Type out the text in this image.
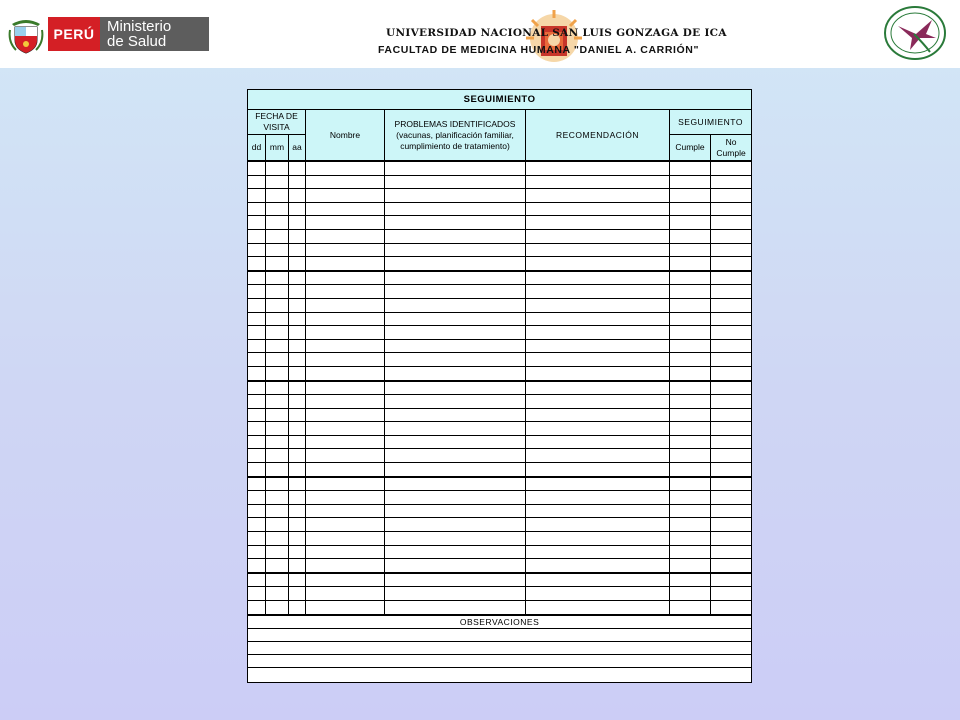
PERÚ Ministerio
de Salud	UNIVERSIDAD NACIONAL SAN LUIS GONZAGA DE ICA
FACULTAD DE MEDICINA HUMANA "DANIEL A. CARRIÓN"
SEGUIMIENTO							
FECHA DE VISITA			Nombre	PROBLEMAS IDENTIFICADOS (vacunas, planificación familiar, cumplimiento de tratamiento)	RECOMENDACIÓN	SEGUIMIENTO	
dd	mm	aa				Cumple	No Cumple

OBSERVACIONES							
